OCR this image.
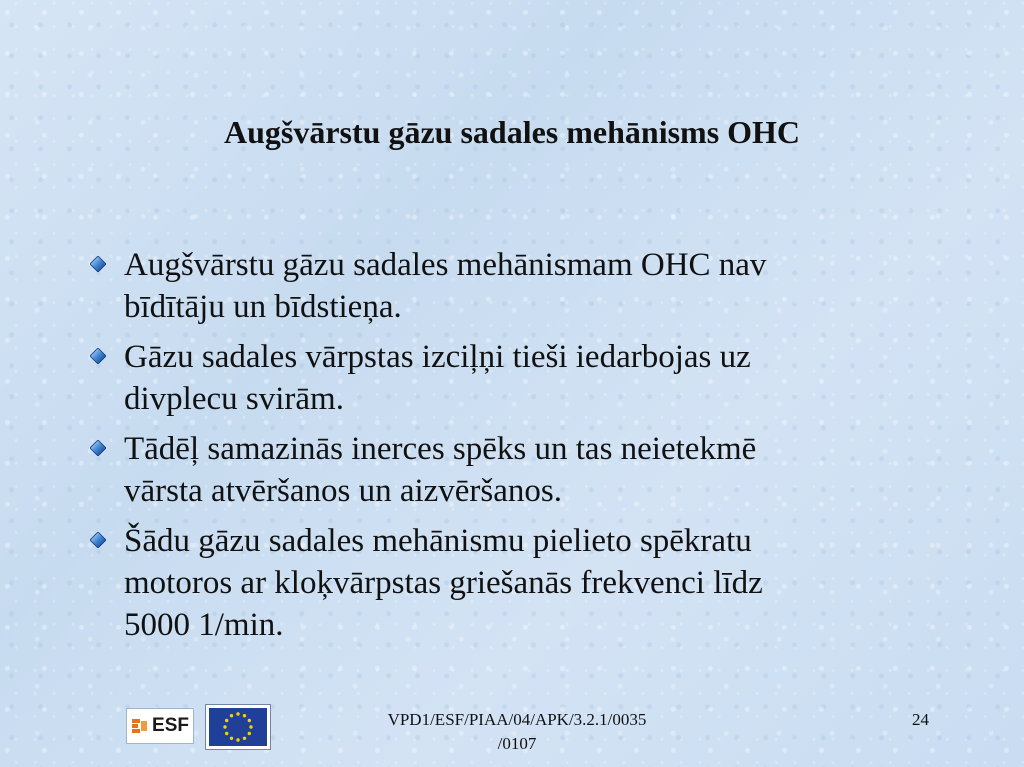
Augšvārstu gāzu sadales mehānisms OHC
Augšvārstu gāzu sadales mehānismam OHC nav
bīdītāju un bīdstieņa.
Gāzu sadales vārpstas izciļņi tieši iedarbojas uz
divplecu svirām.
Tādēļ samazinās inerces spēks un tas neietekmē
vārsta atvēršanos un aizvēršanos.
Šādu gāzu sadales mehānismu pielieto spēkratu
motoros ar kloķvārpstas griešanās frekvenci līdz
5000 1/min.
ESF	VPD1/ESF/PIAA/04/APK/3.2.1/0035
/0107
24
